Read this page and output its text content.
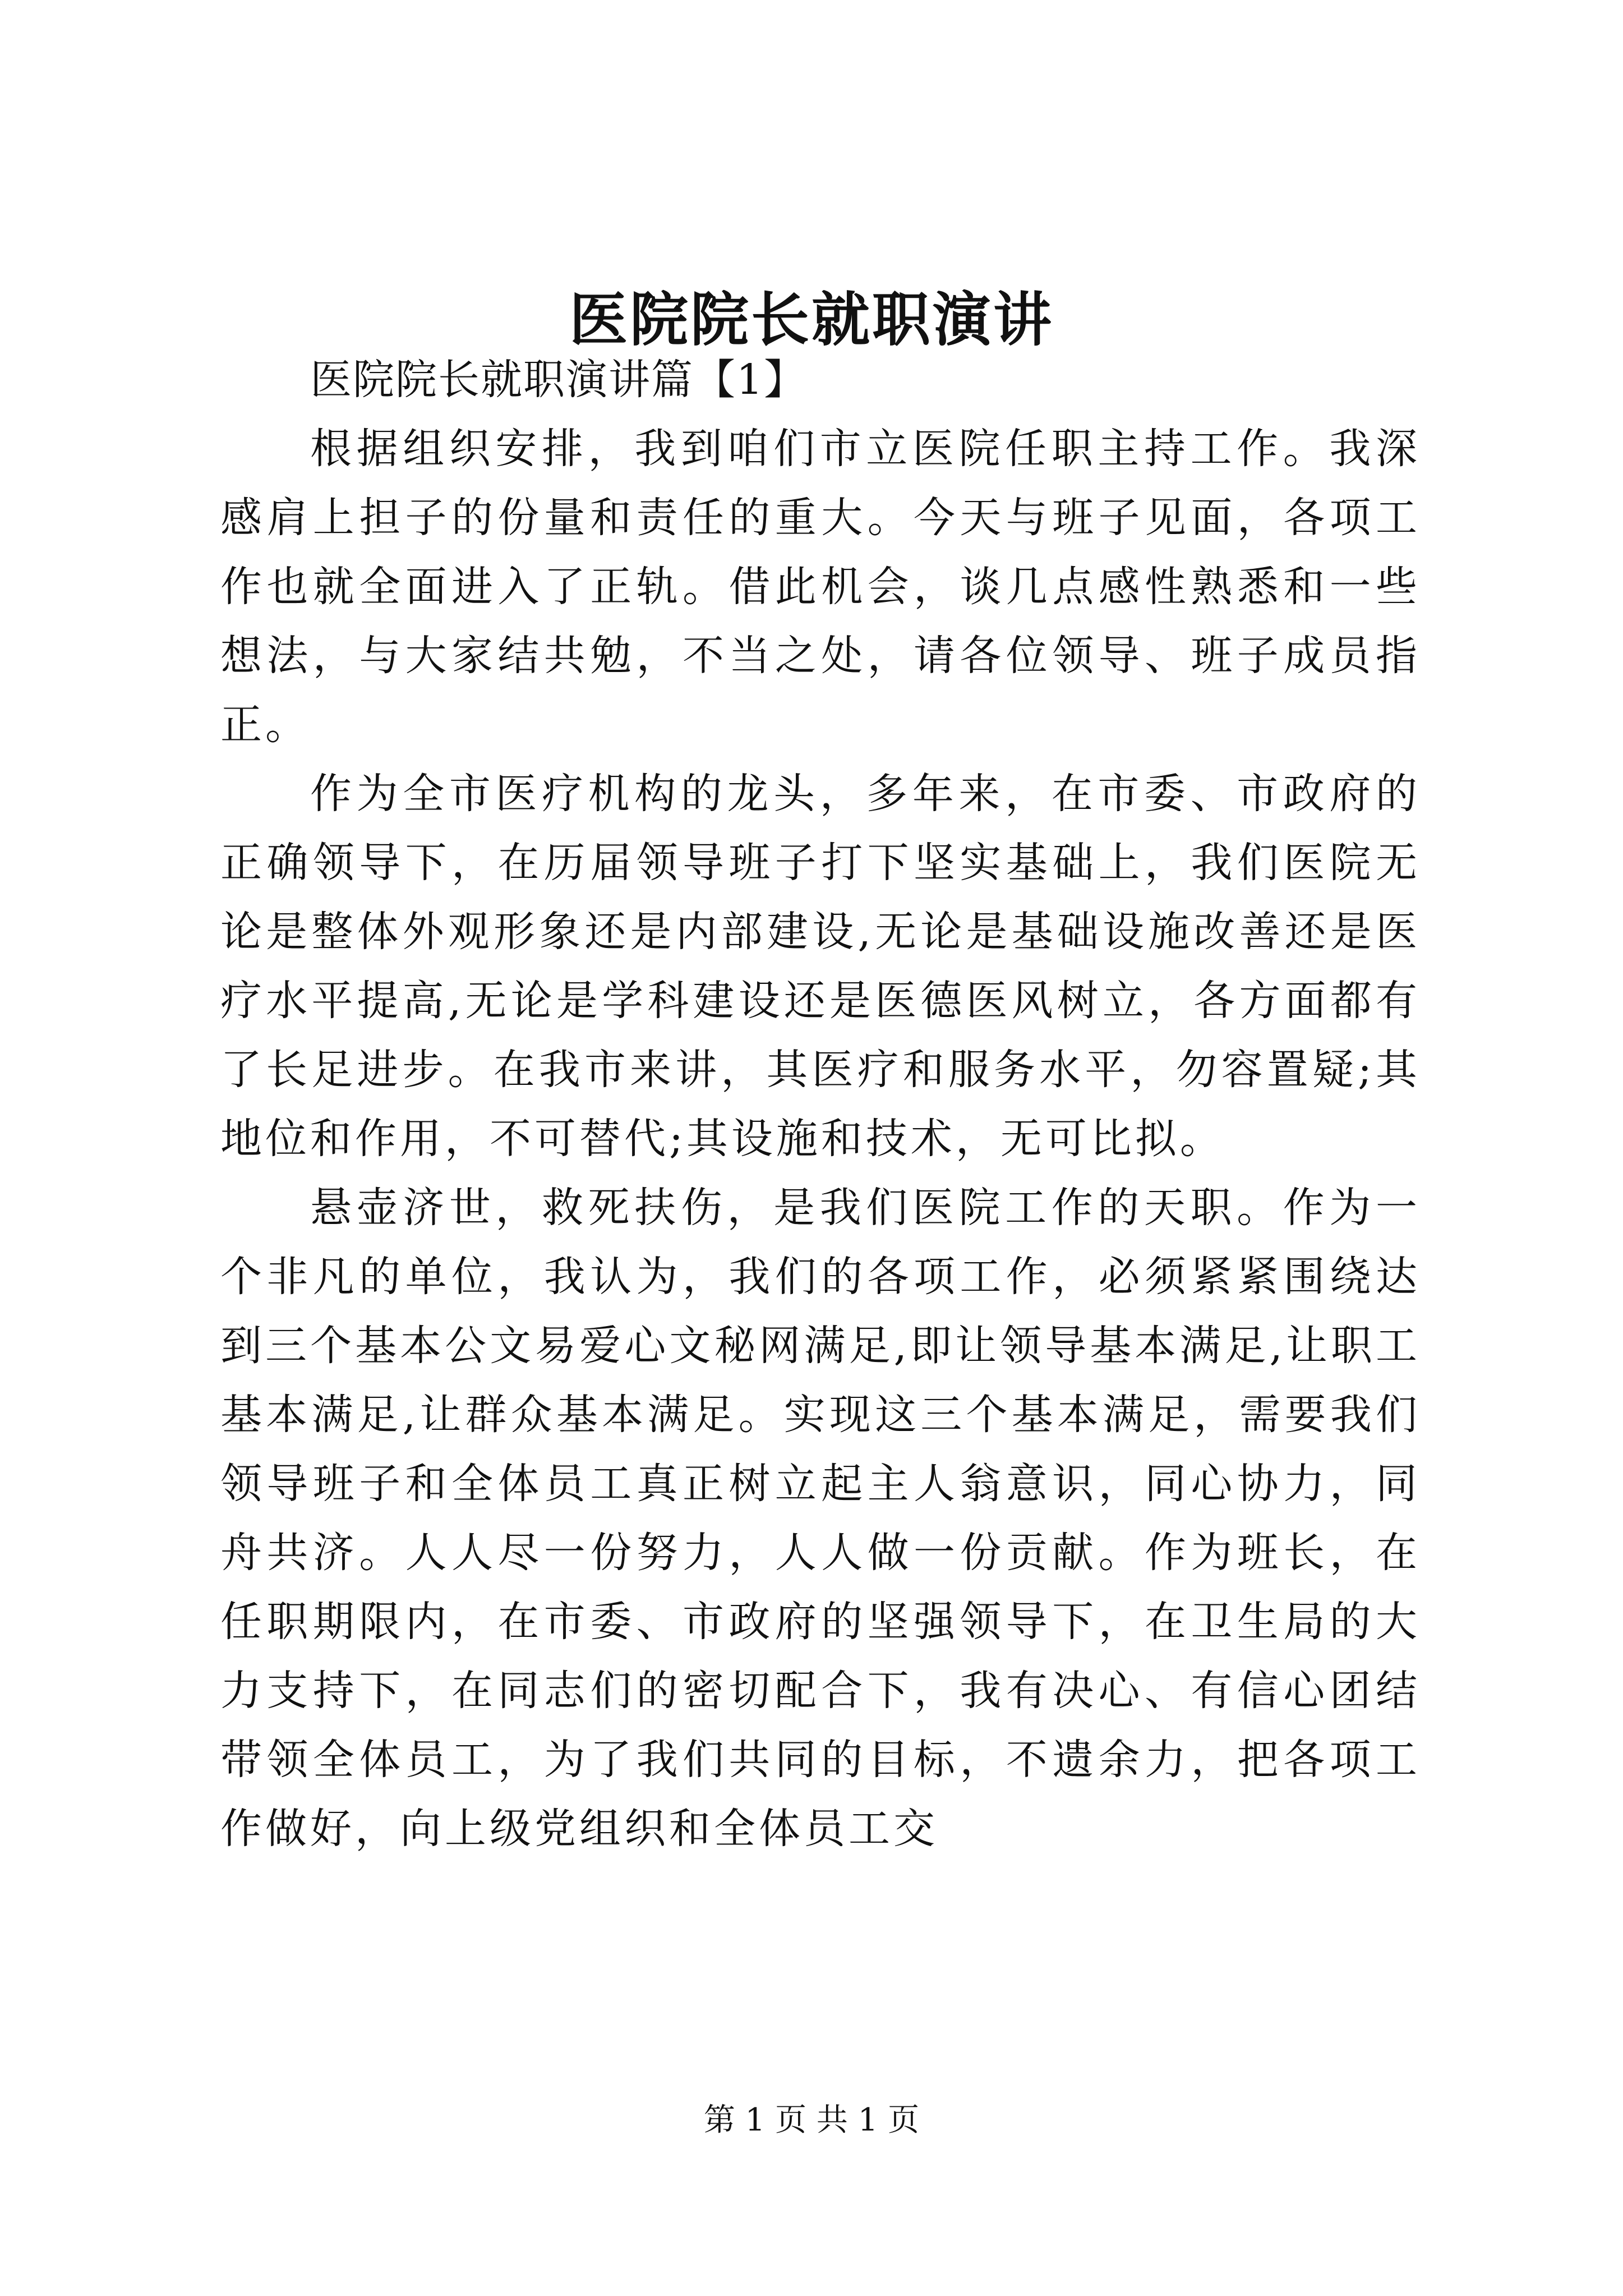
医院院长就职演讲

医院院长就职演讲篇【1】

根据组织安排，我到咱们市立医院任职主持工作。我深感肩上担子的份量和责任的重大。今天与班子见面，各项工作也就全面进入了正轨。借此机会，谈几点感性熟悉和一些想法，与大家结共勉，不当之处，请各位领导、班子成员指正。

作为全市医疗机构的龙头，多年来，在市委、市政府的正确领导下，在历届领导班子打下坚实基础上，我们医院无论是整体外观形象还是内部建设,无论是基础设施改善还是医疗水平提高,无论是学科建设还是医德医风树立，各方面都有了长足进步。在我市来讲，其医疗和服务水平，勿容置疑;其地位和作用，不可替代;其设施和技术，无可比拟。

悬壶济世，救死扶伤，是我们医院工作的天职。作为一个非凡的单位，我认为，我们的各项工作，必须紧紧围绕达到三个基本公文易爱心文秘网满足,即让领导基本满足,让职工基本满足,让群众基本满足。实现这三个基本满足，需要我们领导班子和全体员工真正树立起主人翁意识，同心协力，同舟共济。人人尽一份努力，人人做一份贡献。作为班长，在任职期限内，在市委、市政府的坚强领导下，在卫生局的大力支持下，在同志们的密切配合下，我有决心、有信心团结带领全体员工，为了我们共同的目标，不遗余力，把各项工作做好，向上级党组织和全体员工交

第 1 页 共 1 页
